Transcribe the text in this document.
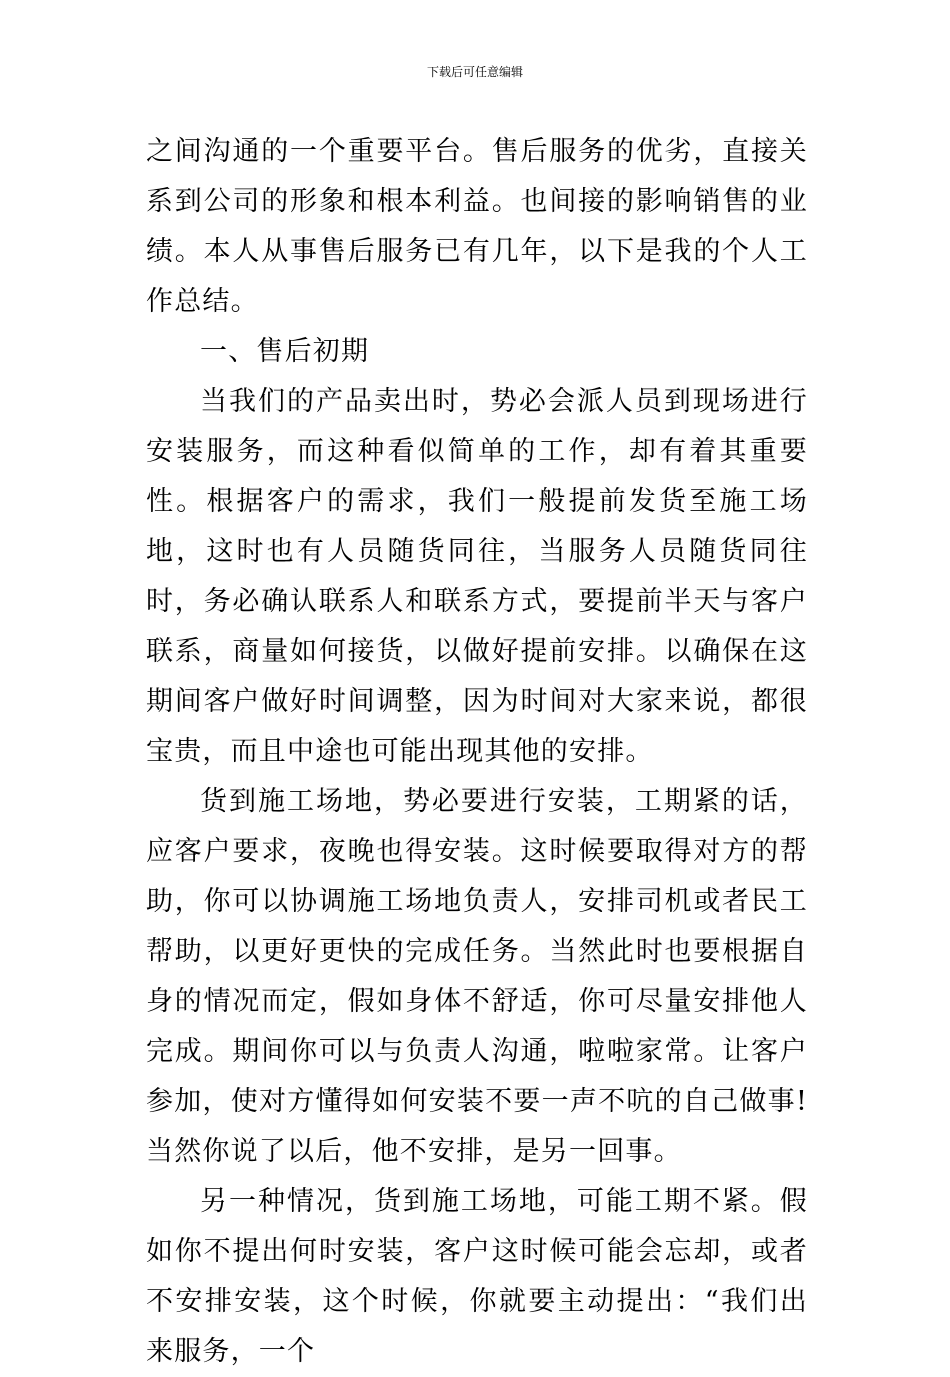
下载后可任意编辑

之间沟通的一个重要平台。售后服务的优劣，直接关系到公司的形象和根本利益。也间接的影响销售的业绩。本人从事售后服务已有几年，以下是我的个人工作总结。

一、售后初期

当我们的产品卖出时，势必会派人员到现场进行安装服务，而这种看似简单的工作，却有着其重要性。根据客户的需求，我们一般提前发货至施工场地，这时也有人员随货同往，当服务人员随货同往时，务必确认联系人和联系方式，要提前半天与客户联系，商量如何接货，以做好提前安排。以确保在这期间客户做好时间调整，因为时间对大家来说，都很宝贵，而且中途也可能出现其他的安排。

货到施工场地，势必要进行安装，工期紧的话，应客户要求，夜晚也得安装。这时候要取得对方的帮助，你可以协调施工场地负责人，安排司机或者民工帮助，以更好更快的完成任务。当然此时也要根据自身的情况而定，假如身体不舒适，你可尽量安排他人完成。期间你可以与负责人沟通，啦啦家常。让客户参加，使对方懂得如何安装不要一声不吭的自己做事!当然你说了以后，他不安排，是另一回事。

另一种情况，货到施工场地，可能工期不紧。假如你不提出何时安装，客户这时候可能会忘却，或者不安排安装，这个时候，你就要主动提出：“我们出来服务，一个
